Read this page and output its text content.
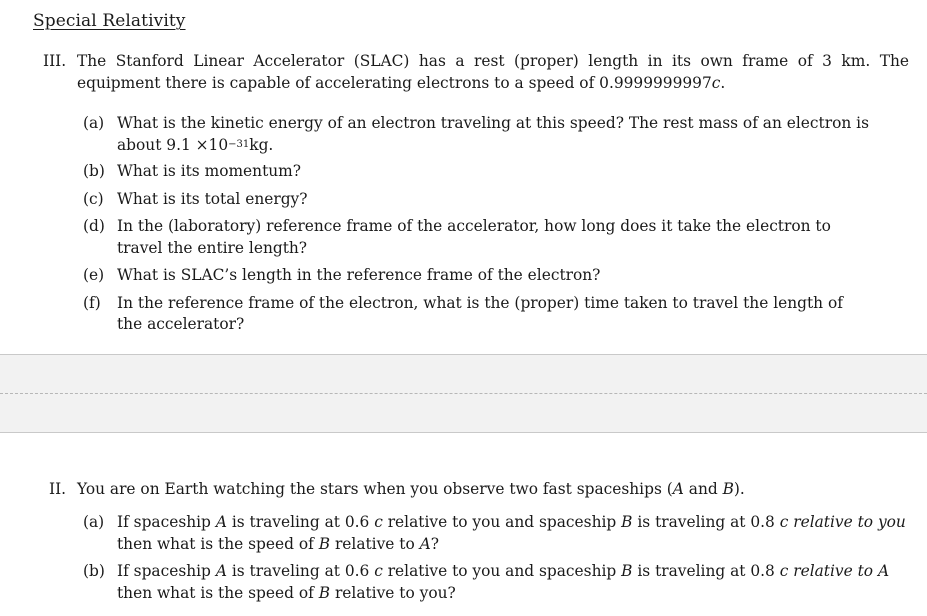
Special Relativity
III. The Stanford Linear Accelerator (SLAC) has a rest (proper) length in its own frame of 3 km. The equipment there is capable of accelerating electrons to a speed of 0.9999999997c.
(a) What is the kinetic energy of an electron traveling at this speed? The rest mass of an electron is about $9.1 \times 10^{-31}kg$.
(b) What is its momentum?
(c) What is its total energy?
(d) In the (laboratory) reference frame of the accelerator, how long does it take the electron to travel the entire length?
(e) What is SLAC’s length in the reference frame of the electron?
(f) In the reference frame of the electron, what is the (proper) time taken to travel the length of the accelerator?
II. You are on Earth watching the stars when you observe two fast spaceships (A and B).
(a) If spaceship A is traveling at 0.6 c relative to you and spaceship B is traveling at 0.8 c relative to you then what is the speed of B relative to A?
(b) If spaceship A is traveling at 0.6 c relative to you and spaceship B is traveling at 0.8 c relative to A then what is the speed of B relative to you?
